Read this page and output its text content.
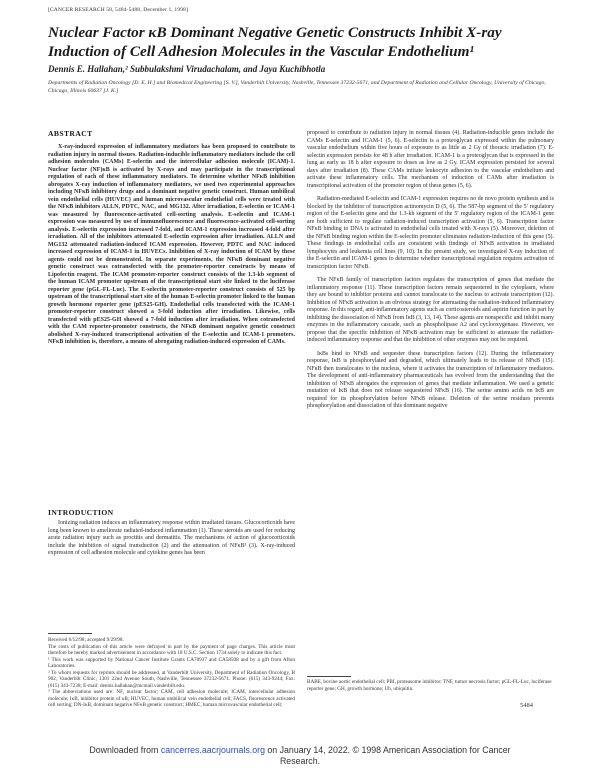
[CANCER RESEARCH 58, 5484-5488, December 1, 1998]
Nuclear Factor κB Dominant Negative Genetic Constructs Inhibit X-ray Induction of Cell Adhesion Molecules in the Vascular Endothelium¹
Dennis E. Hallahan,² Subbulakshmi Virudachalam, and Jaya Kuchibhotla
Departments of Radiation Oncology [D. E. H.] and Biomedical Engineering [S. V.], Vanderbilt University, Nashville, Tennessee 37232-5671, and Department of Radiation and Cellular Oncology, University of Chicago, Chicago, Illinois 60637 [J. K.]
ABSTRACT

X-ray-induced expression of inflammatory mediators has been proposed to contribute to radiation injury in normal tissues. Radiation-inducible inflammatory mediators include the cell adhesion molecules (CAMs) E-selectin and the intercellular adhesion molecule (ICAM)-1. Nuclear factor (NF)κB is activated by X-rays and may participate in the transcriptional regulation of each of these inflammatory mediators. To determine whether NFκB inhibition abrogates X-ray induction of inflammatory mediators, we used two experimental approaches including NFκB inhibitory drugs and a dominant negative genetic construct. Human umbilical vein endothelial cells (HUVEC) and human microvascular endothelial cells were treated with the NFκB inhibitors ALLN, PDTC, NAC, and MG132. After irradiation, E-selectin or ICAM-1 was measured by fluorescence-activated cell-sorting analysis. E-selectin and ICAM-1 expression was measured by use of immunofluorescence and fluorescence-activated cell-sorting analysis. E-selectin expression increased 7-fold, and ICAM-1 expression increased 4-fold after irradiation. All of the inhibitors attenuated E-selectin expression after irradiation. ALLN and MG132 attenuated radiation-induced ICAM expression. However, PDTC and NAC induced increased expression of ICAM-1 in HUVECs. Inhibition of X-ray induction of ICAM by these agents could not be demonstrated. In separate experiments, the NFκB dominant negative genetic construct was cotransfected with the promoter-reporter constructs by means of Lipofectin reagent. The ICAM promoter-reporter construct consists of the 1.3-kb segment of the human ICAM promoter upstream of the transcriptional start site linked to the luciferase reporter gene (pGL-FL-Luc). The E-selectin promoter-reporter construct consists of 525 bp upstream of the transcriptional start site of the human E-selectin promoter linked to the human growth hormone reporter gene (pES25-GH). Endothelial cells transfected with the ICAM-1 promoter-reporter construct showed a 3-fold induction after irradiation. Likewise, cells transfected with pES25-GH showed a 7-fold induction after irradiation. When cotransfected with the CAM reporter-promoter constructs, the NFκB dominant negative genetic construct abolished X-ray-induced transcriptional activation of the E-selectin and ICAM-1 promoters. NFκB inhibition is, therefore, a means of abrogating radiation-induced expression of CAMs.

INTRODUCTION

Ionizing radiation induces an inflammatory response within irradiated tissues. Glucocorticoids have long been known to ameliorate radiated-induced inflammation (1). These steroids are used for reducing acute radiation injury such as proctitis and dermatitis. The mechanisms of action of glucocorticoids include the inhibition of signal transduction (2) and the attenuation of NFκB³ (3). X-ray-induced expression of cell adhesion molecule and cytokine genes has been

Received 6/12/98; accepted 9/29/98.
The costs of publication of this article were defrayed in part by the payment of page charges. This article must therefore be hereby marked advertisement in accordance with 18 U.S.C. Section 1734 solely to indicate this fact.
¹ This work was supported by National Cancer Institute Grants CA70937 and CA58508 and by a gift from Afton Laboratories.
² To whom requests for reprints should be addressed, at Vanderbilt University, Department of Radiation Oncology, B 902, Vanderbilt Clinic, 1301 22nd Avenue South, Nashville, Tennessee 37232-5671. Phone: (615) 343-9244; Fax: (615) 343-7238; E-mail: dennis.hallahan@mcmail.vanderbilt.edu.
³ The abbreviations used are: NF, nuclear factor; CAM, cell adhesion molecule; ICAM, intercellular adhesion molecule; IκB, inhibitor protein of κB; HUVEC, human umbilical vein endothelial cell; FACS, fluorescence activated cell sorting; DN-IκB, dominant negative NFκB genetic construct; HMEC, human microvascular endothelial cell;

proposed to contribute to radiation injury in normal tissues (4). Radiation-inducible genes include the CAMs E-selectin and ICAM-1 (5, 6). E-selectin is a proteoglycan expressed within the pulmonary vascular endothelium within five hours of exposure to as little as 2 Gy of thoracic irradiation (7). E-selectin expression persists for 48 h after irradiation. ICAM-1 is a proteoglycan that is expressed in the lung as early as 18 h after exposure to doses as low as 2 Gy. ICAM expression persisted for several days after irradiation (8). These CAMs initiate leukocyte adhesion to the vascular endothelium and activate these inflammatory cells. The mechanism of induction of CAMs after irradiation is transcriptional activation of the promoter region of these genes (5, 6).

Radiation-mediated E-selectin and ICAM-1 expression requires no de novo protein synthesis and is blocked by the inhibitor of transcription actinomycin D (5, 6). The 587-bp segment of the 5′ regulatory region of the E-selectin gene and the 1.3-kb segment of the 5′ regulatory region of the ICAM-1 gene are both sufficient to regulate radiation-induced transcription activation (5, 6). Transcription factor NFκB binding to DNA is activated in endothelial cells treated with X-rays (5). Moreover, deletion of the NFκB binding region within the E-selectin promoter eliminates radiation-induction of this gene (5). These findings in endothelial cells are consistent with findings of NFκB activation in irradiated lymphocytes and leukemia cell lines (9, 10). In the present study, we investigated X-ray induction of the E-selectin and ICAM-1 genes to determine whether transcriptional regulation requires activation of transcription factor NFκB.

The NFκB family of transcription factors regulates the transcription of genes that mediate the inflammatory response (11). These transcription factors remain sequestered in the cytoplasm, where they are bound to inhibitor proteins and cannot translocate to the nucleus to activate transcription (12). Inhibition of NFκB activation is an obvious strategy for attenuating the radiation-induced inflammatory response. In this regard, anti-inflammatory agents such as corticosteroids and aspirin function in part by inhibiting the dissociation of NFκB from IκB (3, 13, 14). These agents are nonspecific and inhibit many enzymes in the inflammatory cascade, such as phospholipase A2 and cyclooxygenase. However, we propose that the specific inhibition of NFκB activation may be sufficient to attenuate the radiation-induced inflammatory response and that the inhibition of other enzymes may not be required.

IκBs bind to NFκB and sequester these transcription factors (12). During the inflammatory response, IκB is phosphorylated and degraded, which ultimately leads to its release of NFκB (15). NFκB then translocates to the nucleus, where it activates the transcription of inflammatory mediators. The development of anti-inflammatory pharmaceuticals has evolved from the understanding that the inhibition of NFκB abrogates the expression of genes that mediate inflammation. We used a genetic mutation of IκB that does not release sequestered NFκB (16). The serine amino acids on IκB are required for its phosphorylation before NFκB release. Deletion of the serine residues prevents phosphorylation and dissociation of this dominant negative

BABE, bovine aortic endothelial cell; PBI, proteasome inhibitor; TNF, tumor necrosis factor; pGL-FL-Luc, luciferase reporter gene; GH, growth hormone; Ub, ubiquitin.
5484
Downloaded from cancerres.aacrjournals.org on January 14, 2022. © 1998 American Association for Cancer
Research.
